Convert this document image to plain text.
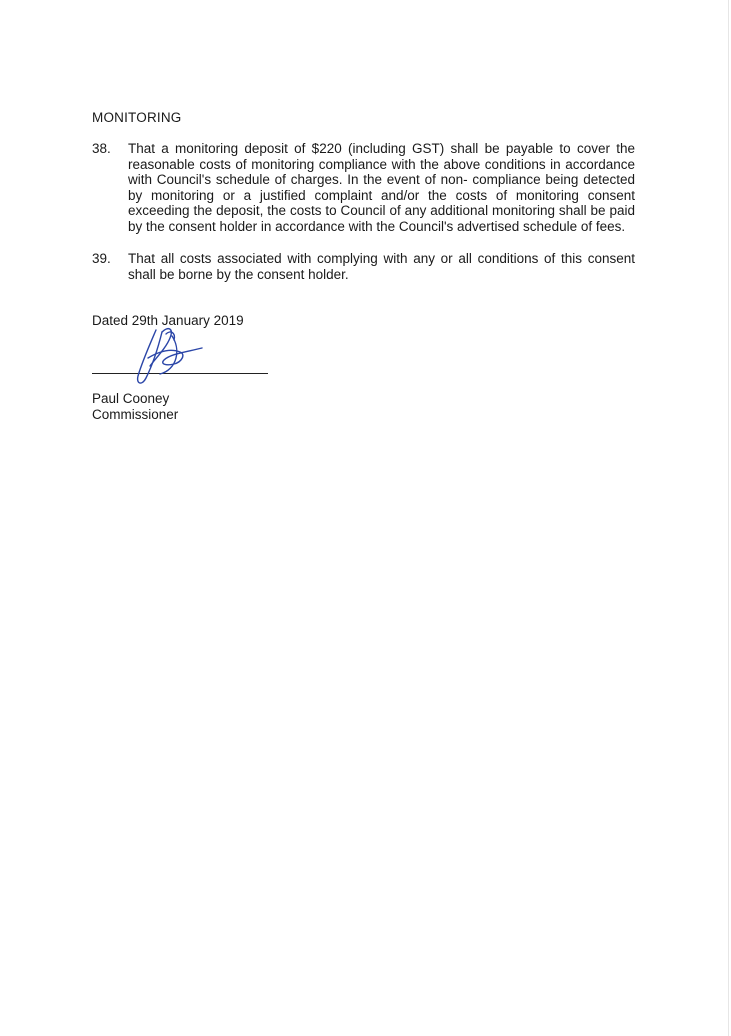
MONITORING
38.	That a monitoring deposit of $220 (including GST) shall be payable to cover the reasonable costs of monitoring compliance with the above conditions in accordance with Council's schedule of charges. In the event of non- compliance being detected by monitoring or a justified complaint and/or the costs of monitoring consent exceeding the deposit, the costs to Council of any additional monitoring shall be paid by the consent holder in accordance with the Council's advertised schedule of fees.
39.	That all costs associated with complying with any or all conditions of this consent shall be borne by the consent holder.
Dated 29th January 2019
Paul Cooney
Commissioner
